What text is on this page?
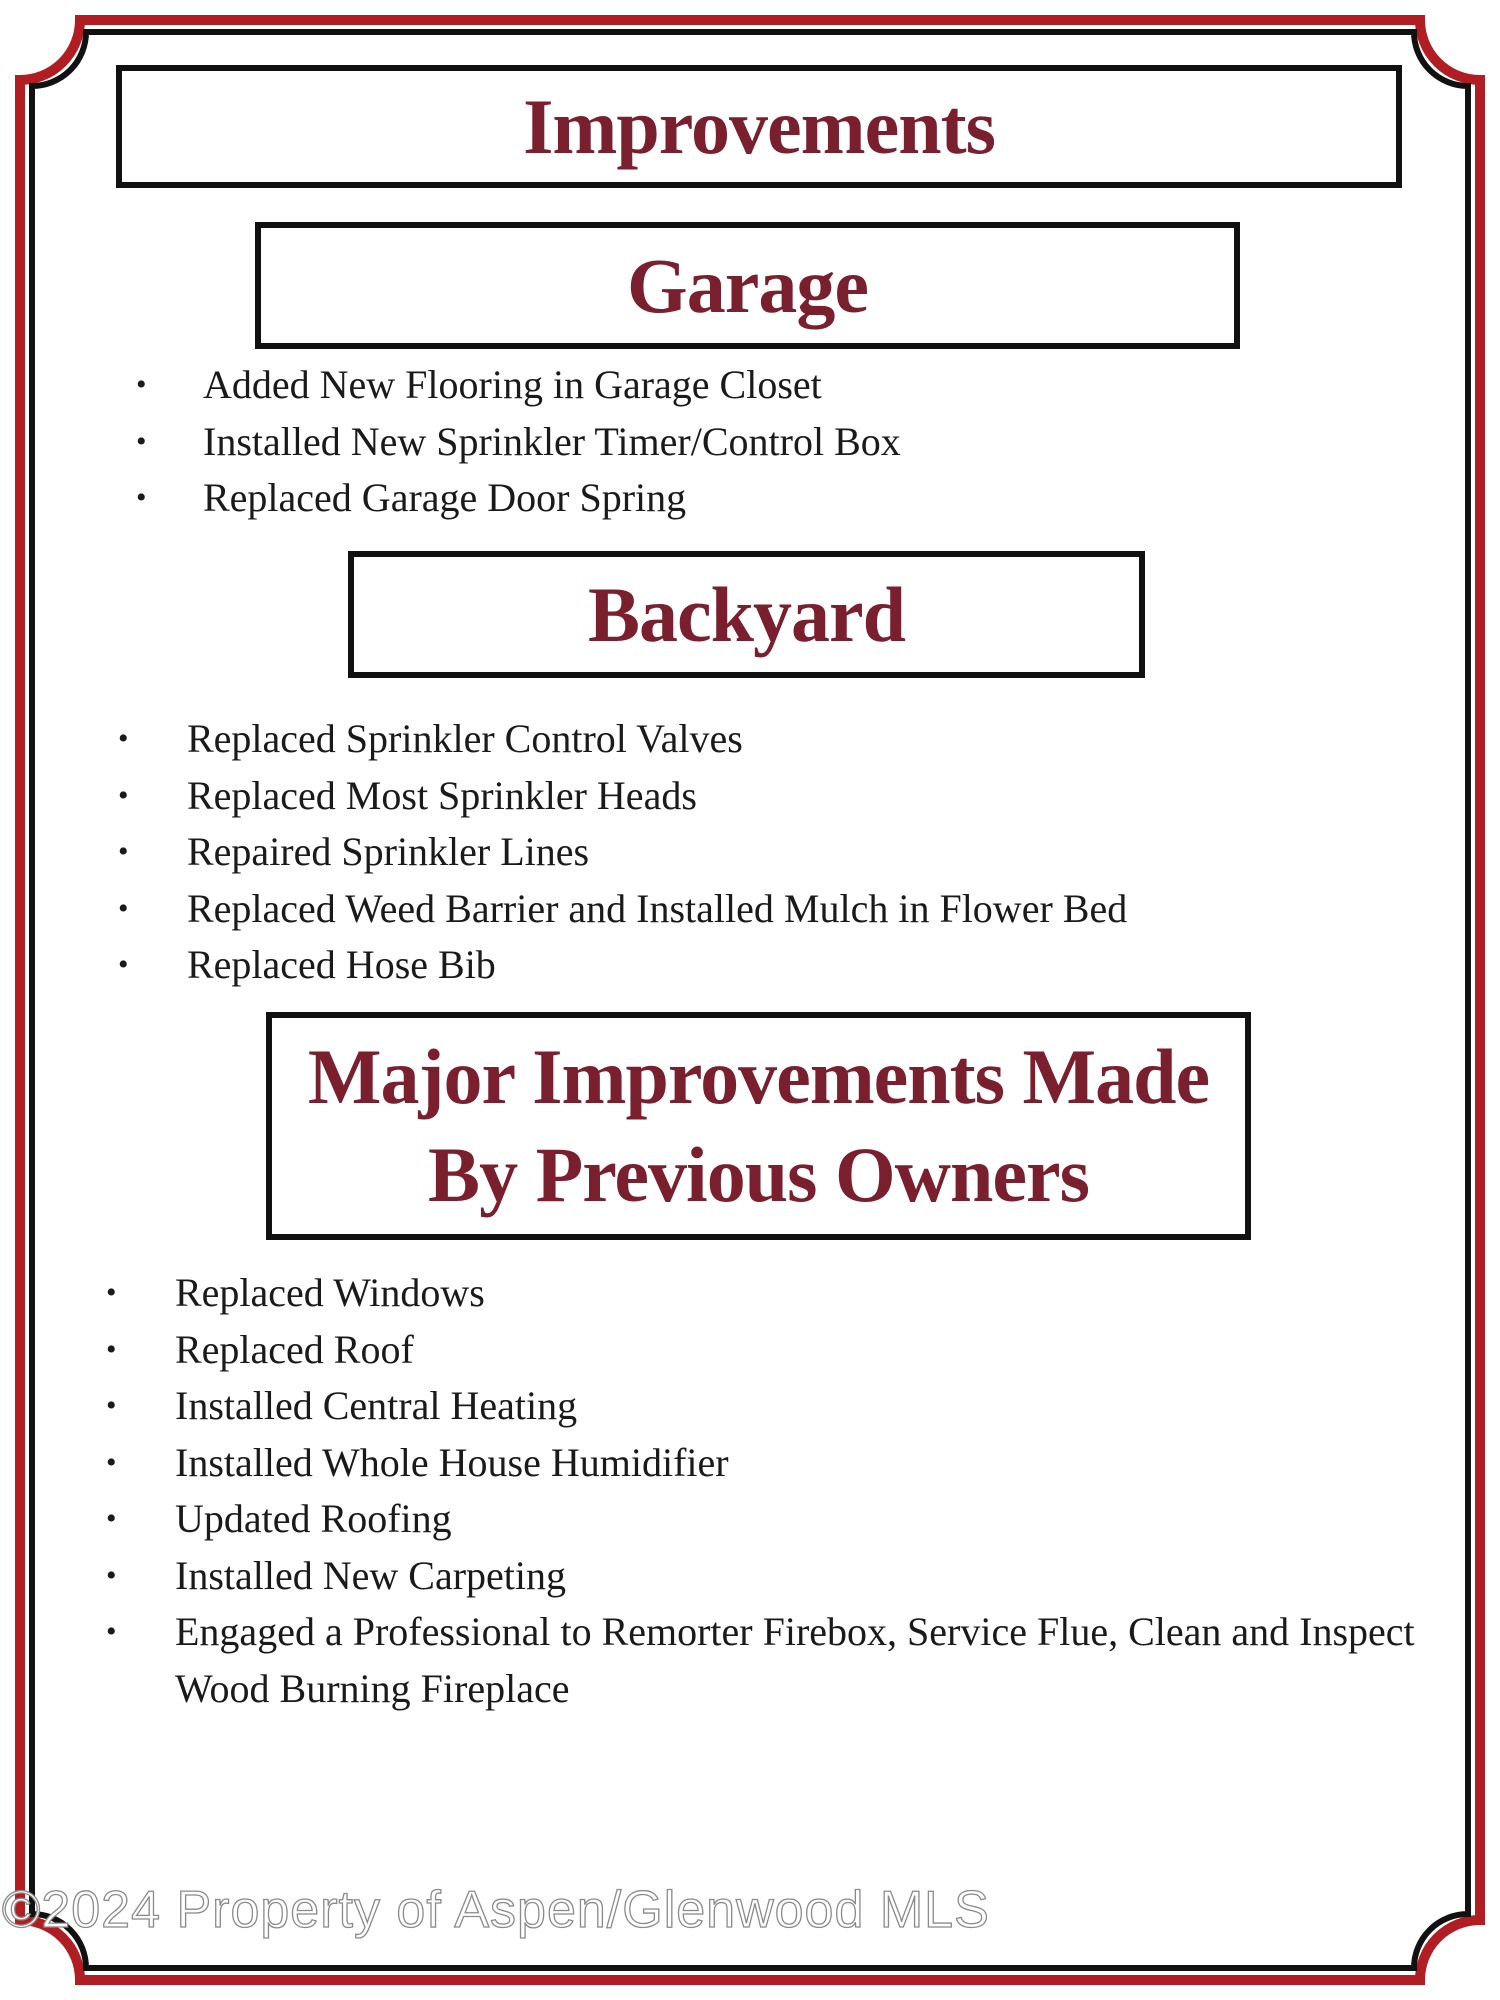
Improvements
Garage
• Added New Flooring in Garage Closet
• Installed New Sprinkler Timer/Control Box
• Replaced Garage Door Spring
Backyard
• Replaced Sprinkler Control Valves
• Replaced Most Sprinkler Heads
• Repaired Sprinkler Lines
• Replaced Weed Barrier and Installed Mulch in Flower Bed
• Replaced Hose Bib
Major Improvements Made
By Previous Owners
• Replaced Windows
• Replaced Roof
• Installed Central Heating
• Installed Whole House Humidifier
• Updated Roofing
• Installed New Carpeting
• Engaged a Professional to Remorter Firebox, Service Flue, Clean and Inspect Wood Burning Fireplace
©2024 Property of Aspen/Glenwood MLS
